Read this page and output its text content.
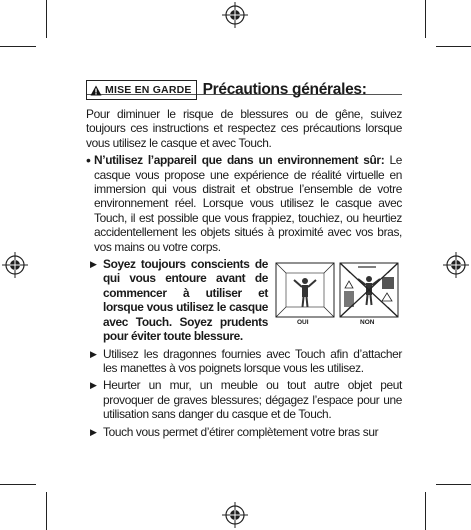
MISE EN GARDE Précautions générales:

Pour diminuer le risque de blessures ou de gêne, suivez toujours ces instructions et respectez ces précautions lorsque vous utilisez le casque et avec Touch.

• N’utilisez l’appareil que dans un environnement sûr: Le casque vous propose une expérience de réalité virtuelle en immersion qui vous distrait et obstrue l’ensemble de votre environnement réel. Lorsque vous utilisez le casque avec Touch, il est possible que vous frappiez, touchiez, ou heurtiez accidentellement les objets situés à proximité avec vos bras, vos mains ou votre corps.

▶ Soyez toujours conscients de qui vous entoure avant de commencer à utiliser et lorsque vous utilisez le casque avec Touch. Soyez prudents pour éviter toute blessure.

OUI	NON
▶ Utilisez les dragonnes fournies avec Touch afin d’attacher les manettes à vos poignets lorsque vous les utilisez.

▶ Heurter un mur, un meuble ou tout autre objet peut provoquer de graves blessures; dégagez l’espace pour une utilisation sans danger du casque et de Touch.

▶ Touch vous permet d’étirer complètement votre bras sur
